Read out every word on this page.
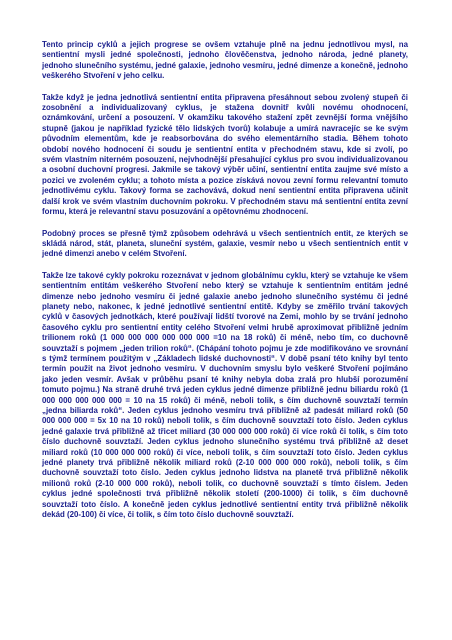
Tento princip cyklů a jejich progrese se ovšem vztahuje plně na jednu jednotlivou mysl, na sentientní mysli jedné společnosti, jednoho člověčenstva, jednoho národa, jedné planety, jednoho slunečního systému, jedné galaxie, jednoho vesmíru, jedné dimenze a konečně, jednoho veškerého Stvoření v jeho celku.

Takže když je jedna jednotlivá sentientní entita připravena přesáhnout sebou zvolený stupeň či zosobnění a individualizovaný cyklus, je stažena dovnitř kvůli novému ohodnocení, oznámkování, určení a posouzení. V okamžiku takového stažení zpět zevnější forma vnějšího stupně (jakou je například fyzické tělo lidských tvorů) kolabuje a umírá navracejíc se ke svým původním elementům, kde je reabsorbována do svého elementárního stadia. Během tohoto období nového hodnocení či soudu je sentientní entita v přechodném stavu, kde si zvolí, po svém vlastním niterném posouzení, nejvhodnější přesahující cyklus pro svou individualizovanou a osobní duchovní progresi. Jakmile se takový výběr učiní, sentientní entita zaujme své místo a pozici ve zvoleném cyklu; a tohoto místa a pozice získává novou zevní formu relevantní tomuto jednotlivému cyklu. Takový forma se zachovává, dokud není sentientní entita připravena učinit další krok ve svém vlastním duchovním pokroku. V přechodném stavu má sentientní entita zevní formu, která je relevantní stavu posuzování a opětovnému zhodnocení.

Podobný proces se přesně týmž způsobem odehrává u všech sentientních entit, ze kterých se skládá národ, stát, planeta, sluneční systém, galaxie, vesmír nebo u všech sentientních entit v jedné dimenzi anebo v celém Stvoření.

Takže lze takové cykly pokroku rozeznávat v jednom globálnímu cyklu, který se vztahuje ke všem sentientním entitám veškerého Stvoření nebo který se vztahuje k sentientním entitám jedné dimenze nebo jednoho vesmíru či jedné galaxie anebo jednoho slunečního systému či jedné planety nebo, nakonec, k jedné jednotlivé sentientní entitě. Kdyby se změřilo trvání takových cyklů v časových jednotkách, které používají lidští tvorové na Zemi, mohlo by se trvání jednoho časového cyklu pro sentientní entity celého Stvoření velmi hrubě aproximovat přibližně jedním trilionem roků (1 000 000 000 000 000 000 =10 na 18 roků) či méně, nebo tím, co duchovně souvztaží s pojmem „jeden trilion roků“. (Chápání tohoto pojmu je zde modifikováno ve srovnání s týmž termínem použitým v „Základech lidské duchovnosti“. V době psaní této knihy byl tento termín použit na život jednoho vesmíru. V duchovním smyslu bylo veškeré Stvoření pojímáno jako jeden vesmír. Avšak v průběhu psaní té knihy nebyla doba zralá pro hlubší porozumění tomuto pojmu.) Na straně druhé trvá jeden cyklus jedné dimenze přibližně jednu biliardu roků (1 000 000 000 000 000 = 10 na 15 roků) či méně, neboli tolik, s čím duchovně souvztaží termín „jedna biliarda roků“. Jeden cyklus jednoho vesmíru trvá přibližně až padesát miliard roků (50 000 000 000 = 5x 10 na 10 roků) neboli tolik, s čím duchovně souvztaží toto číslo. Jeden cyklus jedné galaxie trvá přibližně až třicet miliard (30 000 000 000 roků) či více roků či tolik, s čím toto číslo duchovně souvztaží. Jeden cyklus jednoho slunečního systému trvá přibližně až deset miliard roků (10 000 000 000 roků) či více, neboli tolik, s čím souvztaží toto číslo. Jeden cyklus jedné planety trvá přibližně několik miliard roků (2-10 000 000 000 roků), neboli tolik, s čím duchovně souvztaží toto číslo. Jeden cyklus jednoho lidstva na planetě trvá přibližně několik milionů roků (2-10 000 000 roků), neboli tolik, co duchovně souvztaží s tímto číslem. Jeden cyklus jedné společnosti trvá přibližně několik století (200-1000) či tolik, s čím duchovně souvztaží toto číslo. A konečně jeden cyklus jednotlivé sentientní entity trvá přibližně několik dekád (20-100) či více, či tolik, s čím toto číslo duchovně souvztaží.
